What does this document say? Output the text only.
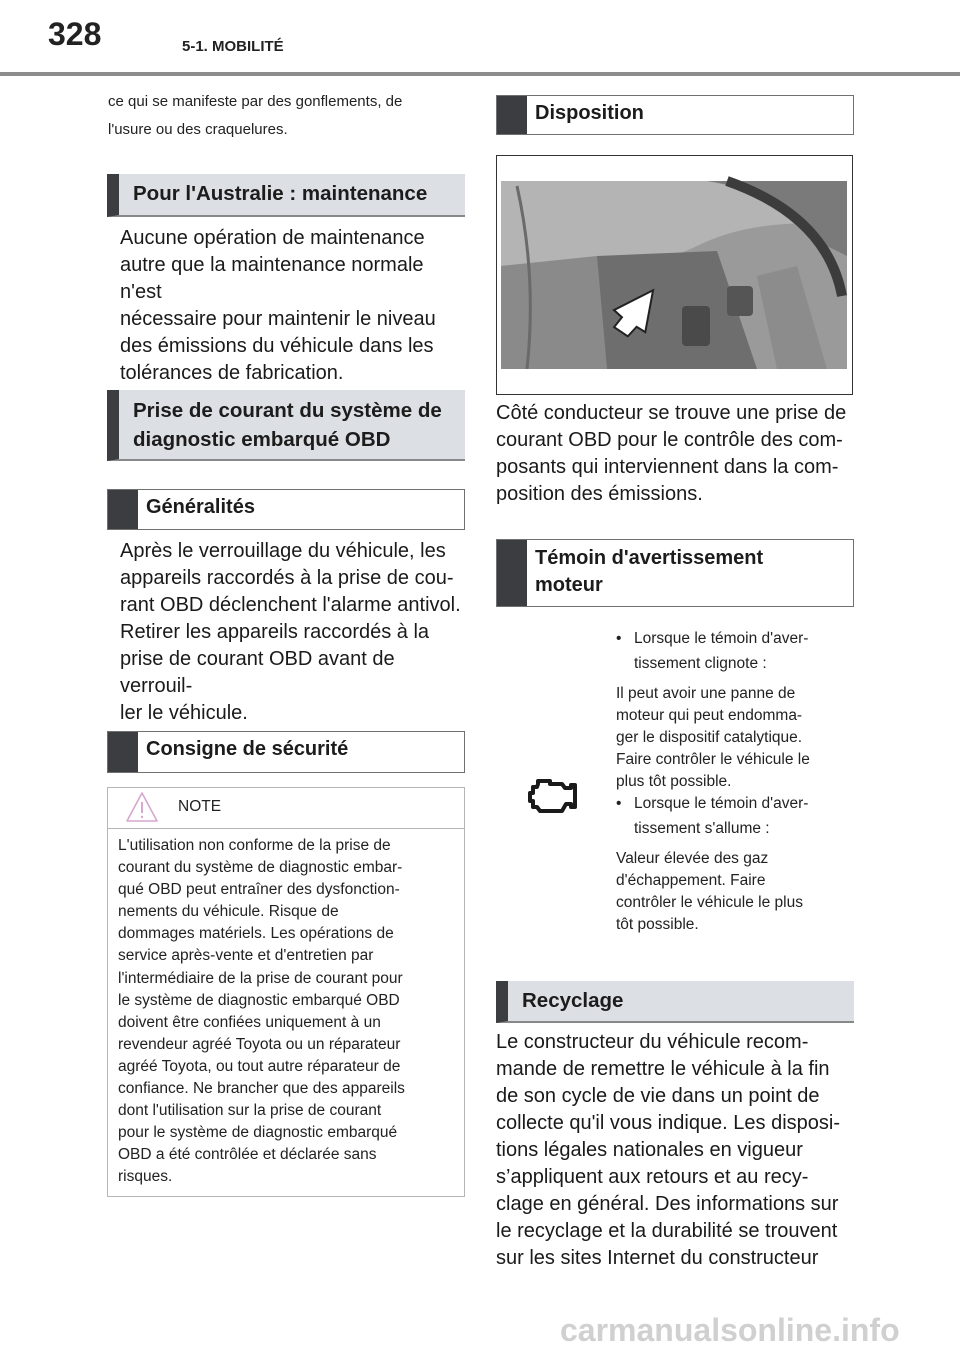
328	5-1. MOBILITÉ
ce qui se manifeste par des gonflements, de
l'usure ou des craquelures.
Pour l'Australie : maintenance
Aucune opération de maintenance
autre que la maintenance normale n'est
nécessaire pour maintenir le niveau
des émissions du véhicule dans les
tolérances de fabrication.
Prise de courant du système de
diagnostic embarqué OBD
Généralités
Après le verrouillage du véhicule, les
appareils raccordés à la prise de cou-
rant OBD déclenchent l'alarme antivol.
Retirer les appareils raccordés à la
prise de courant OBD avant de verrouil-
ler le véhicule.
Consigne de sécurité
NOTE
L'utilisation non conforme de la prise de
courant du système de diagnostic embar-
qué OBD peut entraîner des dysfonction-
nements du véhicule. Risque de
dommages matériels. Les opérations de
service après-vente et d'entretien par
l'intermédiaire de la prise de courant pour
le système de diagnostic embarqué OBD
doivent être confiées uniquement à un
revendeur agréé Toyota ou un réparateur
agréé Toyota, ou tout autre réparateur de
confiance. Ne brancher que des appareils
dont l'utilisation sur la prise de courant
pour le système de diagnostic embarqué
OBD a été contrôlée et déclarée sans
risques.
Disposition
Côté conducteur se trouve une prise de
courant OBD pour le contrôle des com-
posants qui interviennent dans la com-
position des émissions.
Témoin d'avertissement
moteur
• Lorsque le témoin d'aver-
tissement clignote :
Il peut avoir une panne de
moteur qui peut endomma-
ger le dispositif catalytique.
Faire contrôler le véhicule le
plus tôt possible.
• Lorsque le témoin d'aver-
tissement s'allume :
Valeur élevée des gaz
d'échappement. Faire
contrôler le véhicule le plus
tôt possible.
Recyclage
Le constructeur du véhicule recom-
mande de remettre le véhicule à la fin
de son cycle de vie dans un point de
collecte qu'il vous indique. Les disposi-
tions légales nationales en vigueur
s’appliquent aux retours et au recy-
clage en général. Des informations sur
le recyclage et la durabilité se trouvent
sur les sites Internet du constructeur
carmanualsonline.info
